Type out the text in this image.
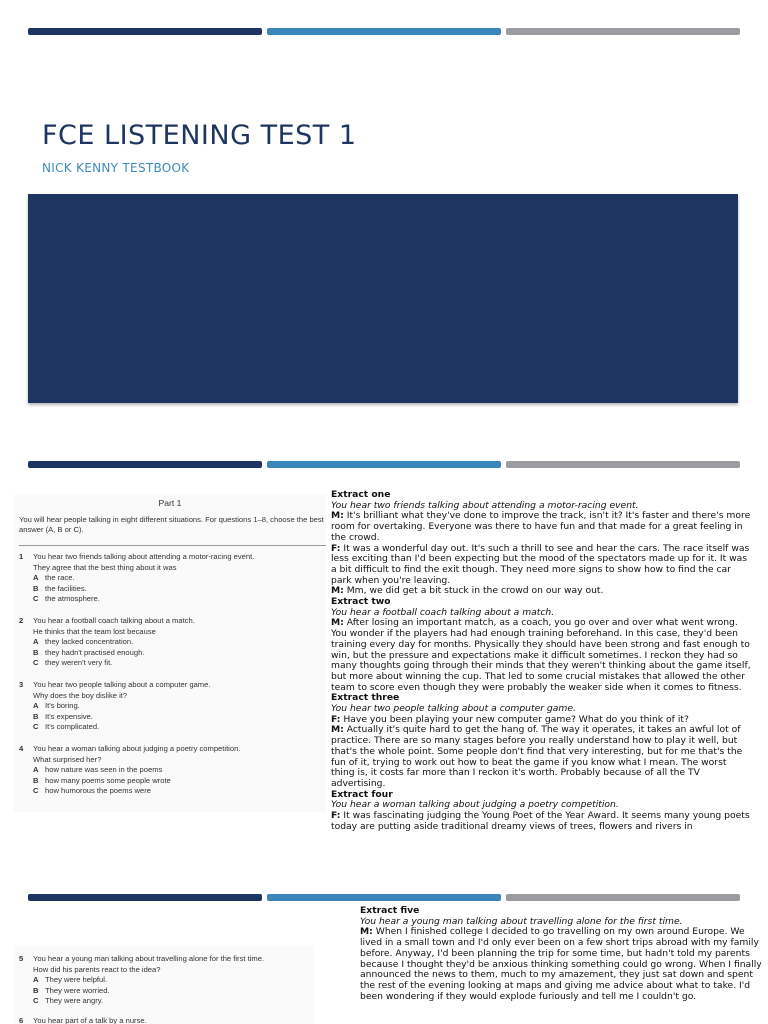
FCE LISTENING TEST 1
NICK KENNY TESTBOOK
Part 1
You will hear people talking in eight different situations. For questions 1–8, choose the best answer (A, B or C).
1 You hear two friends talking about attending a motor-racing event.
They agree that the best thing about it was
A the race.
B the facilities.
C the atmosphere.
2 You hear a football coach talking about a match.
He thinks that the team lost because
A they lacked concentration.
B they hadn't practised enough.
C they weren't very fit.
3 You hear two people talking about a computer game.
Why does the boy dislike it?
A It's boring.
B It's expensive.
C It's complicated.
4 You hear a woman talking about judging a poetry competition.
What surprised her?
A how nature was seen in the poems
B how many poems some people wrote
C how humorous the poems were
Extract one
You hear two friends talking about attending a motor-racing event.
M: It's brilliant what they've done to improve the track, isn't it? It's faster and there's more room for overtaking. Everyone was there to have fun and that made for a great feeling in the crowd.
F: It was a wonderful day out. It's such a thrill to see and hear the cars. The race itself was less exciting than I'd been expecting but the mood of the spectators made up for it. It was a bit difficult to find the exit though. They need more signs to show how to find the car park when you're leaving.
M: Mm, we did get a bit stuck in the crowd on our way out.
Extract two
You hear a football coach talking about a match.
M: After losing an important match, as a coach, you go over and over what went wrong. You wonder if the players had had enough training beforehand. In this case, they'd been training every day for months. Physically they should have been strong and fast enough to win, but the pressure and expectations make it difficult sometimes. I reckon they had so many thoughts going through their minds that they weren't thinking about the game itself, but more about winning the cup. That led to some crucial mistakes that allowed the other team to score even though they were probably the weaker side when it comes to fitness.
Extract three
You hear two people talking about a computer game.
F: Have you been playing your new computer game? What do you think of it?
M: Actually it's quite hard to get the hang of. The way it operates, it takes an awful lot of practice. There are so many stages before you really understand how to play it well, but that's the whole point. Some people don't find that very interesting, but for me that's the fun of it, trying to work out how to beat the game if you know what I mean. The worst thing is, it costs far more than I reckon it's worth. Probably because of all the TV advertising.
Extract four
You hear a woman talking about judging a poetry competition.
F: It was fascinating judging the Young Poet of the Year Award. It seems many young poets today are putting aside traditional dreamy views of trees, flowers and rivers in
5 You hear a young man talking about travelling alone for the first time.
How did his parents react to the idea?
A They were helpful.
B They were worried.
C They were angry.
6 You hear part of a talk by a nurse.
Extract five
You hear a young man talking about travelling alone for the first time.
M: When I finished college I decided to go travelling on my own around Europe. We lived in a small town and I'd only ever been on a few short trips abroad with my family before. Anyway, I'd been planning the trip for some time, but hadn't told my parents because I thought they'd be anxious thinking something could go wrong. When I finally announced the news to them, much to my amazement, they just sat down and spent the rest of the evening looking at maps and giving me advice about what to take. I'd been wondering if they would explode furiously and tell me I couldn't go.
